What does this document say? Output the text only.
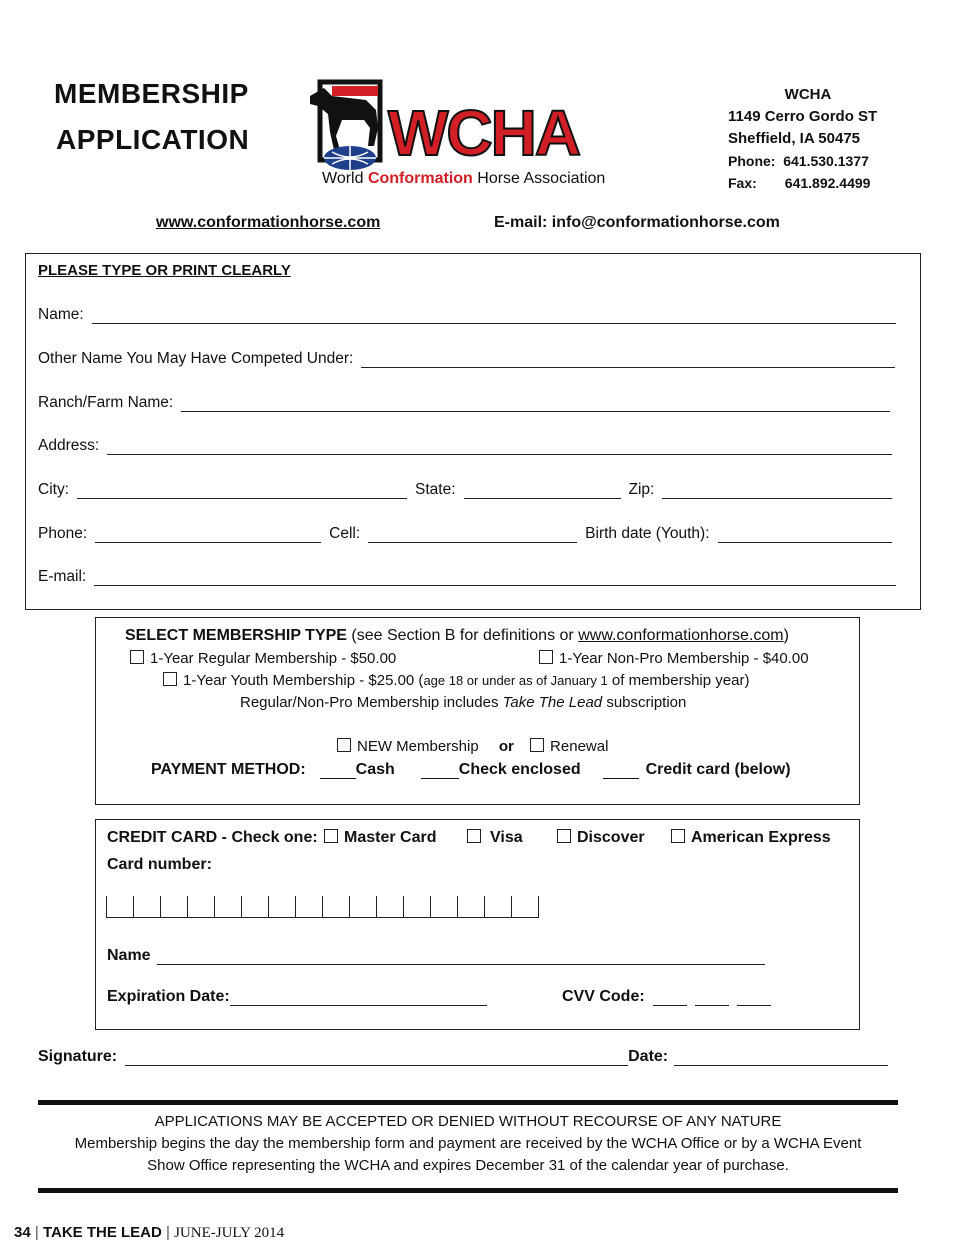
MEMBERSHIP
APPLICATION WCHA
World Conformation Horse Association
WCHA
1149 Cerro Gordo ST
Sheffield, IA 50475
Phone: 641.530.1377
Fax: 641.892.4499
www.conformationhorse.com	E-mail: info@conformationhorse.com
PLEASE TYPE OR PRINT CLEARLY
Name:
Other Name You May Have Competed Under:
Ranch/Farm Name:
Address:
City:	State:	Zip:
Phone:	Cell:	Birth date (Youth):
E-mail:
SELECT MEMBERSHIP TYPE (see Section B for definitions or www.conformationhorse.com)
1-Year Regular Membership - $50.00	1-Year Non-Pro Membership - $40.00
1-Year Youth Membership - $25.00 (age 18 or under as of January 1 of membership year)
Regular/Non-Pro Membership includes Take The Lead subscription
NEW Membership or Renewal
PAYMENT METHOD:	Cash	Check enclosed	Credit card (below)
CREDIT CARD - Check one:	Master Card	Visa	Discover	American Express
Card number:
Name
Expiration Date:	CVV Code:
Signature:	Date:
APPLICATIONS MAY BE ACCEPTED OR DENIED WITHOUT RECOURSE OF ANY NATURE
Membership begins the day the membership form and payment are received by the WCHA Office or by a WCHA Event
Show Office representing the WCHA and expires December 31 of the calendar year of purchase.
34 | TAKE THE LEAD | JUNE-JULY 2014
